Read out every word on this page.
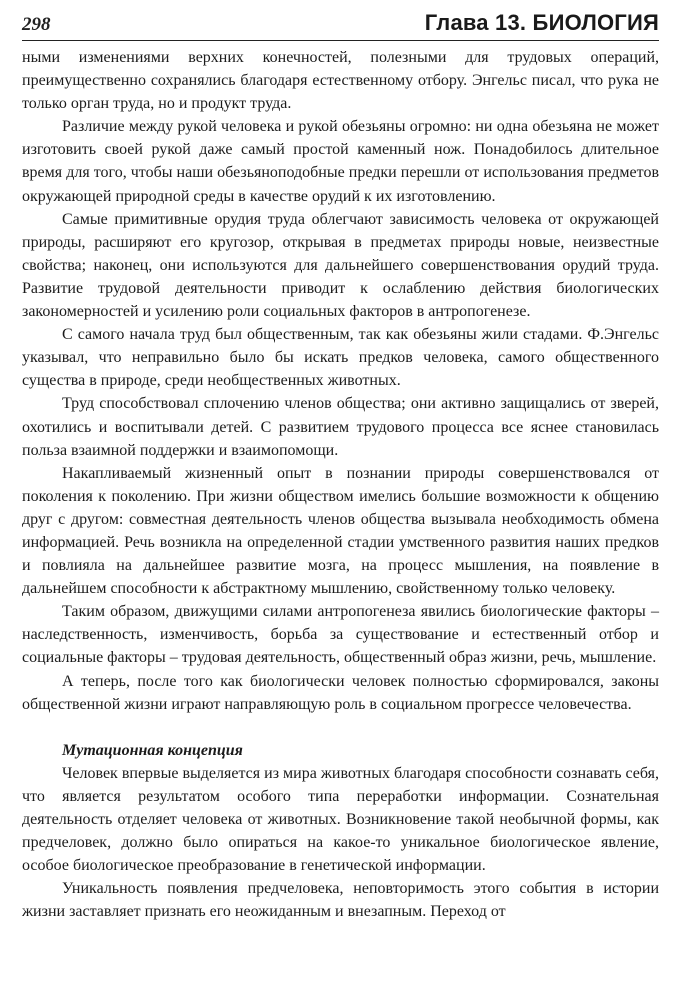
298	Глава 13. БИОЛОГИЯ

ными изменениями верхних конечностей, полезными для трудовых операций, преимущественно сохранялись благодаря естественному отбору. Энгельс писал, что рука не только орган труда, но и продукт труда.

Различие между рукой человека и рукой обезьяны огромно: ни одна обезьяна не может изготовить своей рукой даже самый простой каменный нож. Понадобилось длительное время для того, чтобы наши обезьяноподобные предки перешли от использования предметов окружающей природной среды в качестве орудий к их изготовлению.

Самые примитивные орудия труда облегчают зависимость человека от окружающей природы, расширяют его кругозор, открывая в предметах природы новые, неизвестные свойства; наконец, они используются для дальнейшего совершенствования орудий труда. Развитие трудовой деятельности приводит к ослаблению действия биологических закономерностей и усилению роли социальных факторов в антропогенезе.

С самого начала труд был общественным, так как обезьяны жили стадами. Ф.Энгельс указывал, что неправильно было бы искать предков человека, самого общественного существа в природе, среди необщественных животных.

Труд способствовал сплочению членов общества; они активно защищались от зверей, охотились и воспитывали детей. С развитием трудового процесса все яснее становилась польза взаимной поддержки и взаимопомощи.

Накапливаемый жизненный опыт в познании природы совершенствовался от поколения к поколению. При жизни обществом имелись большие возможности к общению друг с другом: совместная деятельность членов общества вызывала необходимость обмена информацией. Речь возникла на определенной стадии умственного развития наших предков и повлияла на дальнейшее развитие мозга, на процесс мышления, на появление в дальнейшем способности к абстрактному мышлению, свойственному только человеку.

Таким образом, движущими силами антропогенеза явились биологические факторы – наследственность, изменчивость, борьба за существование и естественный отбор и социальные факторы – трудовая деятельность, общественный образ жизни, речь, мышление.

А теперь, после того как биологически человек полностью сформировался, законы общественной жизни играют направляющую роль в социальном прогрессе человечества.

Мутационная концепция

Человек впервые выделяется из мира животных благодаря способности сознавать себя, что является результатом особого типа переработки информации. Сознательная деятельность отделяет человека от животных. Возникновение такой необычной формы, как предчеловек, должно было опираться на какое-то уникальное биологическое явление, особое биологическое преобразование в генетической информации.

Уникальность появления предчеловека, неповторимость этого события в истории жизни заставляет признать его неожиданным и внезапным. Переход от
